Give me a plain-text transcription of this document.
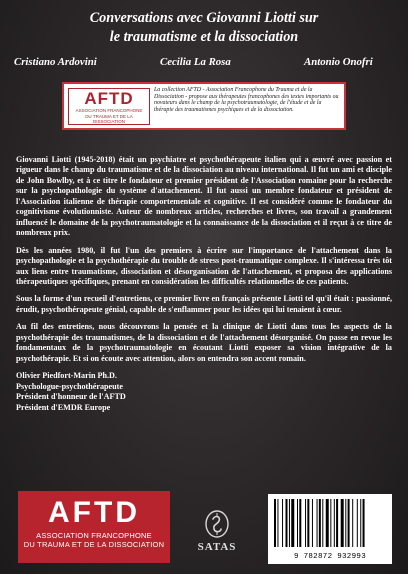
Conversations avec Giovanni Liotti sur
le traumatisme et la dissociation
Cristiano Ardovini	Cecilia La Rosa	Antonio Onofri
AFTD
ASSOCIATION FRANCOPHONE
DU TRAUMA ET DE LA DISSOCIATION
La collection AFTD - Association Francophone du Trauma et de la Dissociation - propose aux thérapeutes francophones des textes importants ou novateurs dans le champ de la psychotraumatologie, de l'étude et de la thérapie des traumatismes psychiques et de la dissociation.

Giovanni Liotti (1945-2018) était un psychiatre et psychothérapeute italien qui a œuvré avec passion et rigueur dans le champ du traumatisme et de la dissociation au niveau international. Il fut un ami et disciple de John Bowlby, et à ce titre le fondateur et premier président de l'Association romaine pour la recherche sur la psychopathologie du système d'attachement. Il fut aussi un membre fondateur et président de l'Association italienne de thérapie comportementale et cognitive. Il est considéré comme le fondateur du cognitivisme évolutionniste. Auteur de nombreux articles, recherches et livres, son travail a grandement influencé le domaine de la psychotraumatologie et la connaissance de la dissociation et il reçut à ce titre de nombreux prix.

Dès les années 1980, il fut l'un des premiers à écrire sur l'importance de l'attachement dans la psychopathologie et la psychothérapie du trouble de stress post-traumatique complexe. Il s'intéressa très tôt aux liens entre traumatisme, dissociation et désorganisation de l'attachement, et proposa des applications thérapeutiques spécifiques, prenant en considération les difficultés relationnelles de ces patients.

Sous la forme d'un recueil d'entretiens, ce premier livre en français présente Liotti tel qu'il était : passionné, érudit, psychothérapeute génial, capable de s'enflammer pour les idées qui lui tenaient à cœur.

Au fil des entretiens, nous découvrons la pensée et la clinique de Liotti dans tous les aspects de la psychothérapie des traumatismes, de la dissociation et de l'attachement désorganisé. On passe en revue les fondamentaux de la psychotraumatologie en écoutant Liotti exposer sa vision intégrative de la psychothérapie. Et si on écoute avec attention, alors on entendra son accent romain.

Olivier Piedfort-Marin Ph.D.
Psychologue-psychothérapeute
Président d'honneur de l'AFTD
Président d'EMDR Europe
AFTD
ASSOCIATION FRANCOPHONE
DU TRAUMA ET DE LA DISSOCIATION	SATAS
9 782872 932993
